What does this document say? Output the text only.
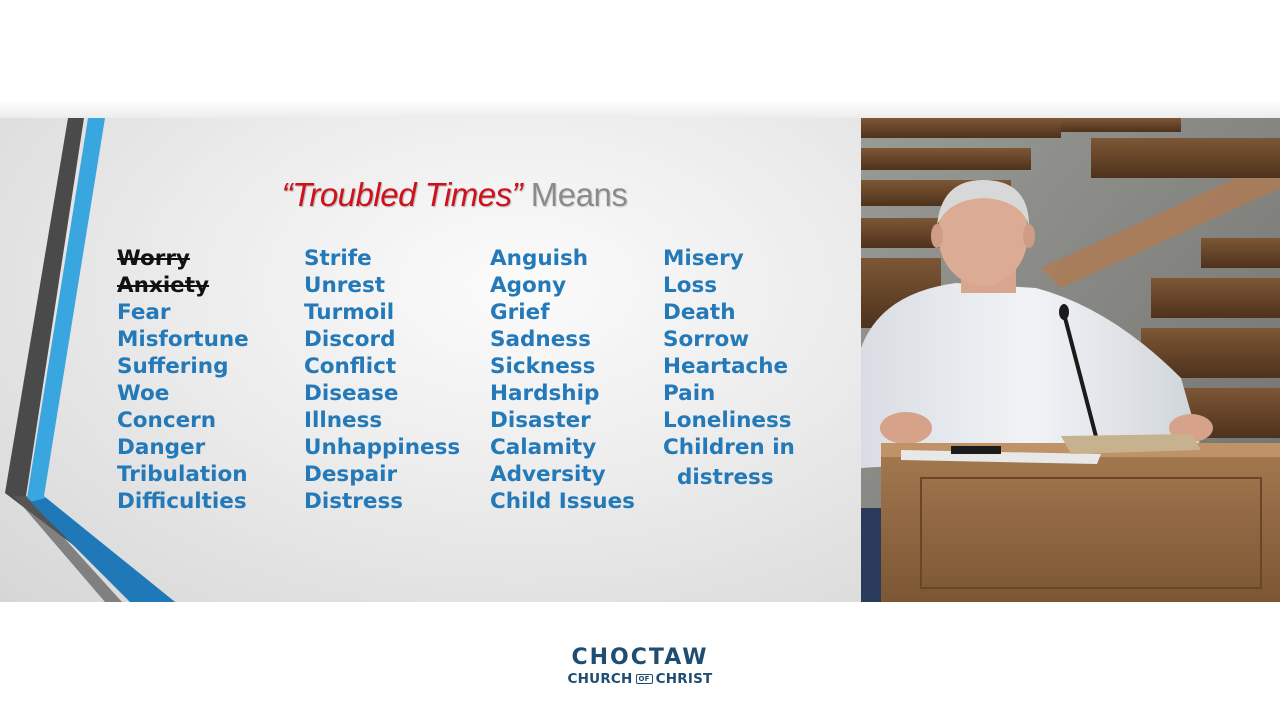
“Troubled Times” Means
Worry
Anxiety
Fear
Misfortune
Suffering
Woe
Concern
Danger
Tribulation
Difficulties
Strife
Unrest
Turmoil
Discord
Conflict
Disease
Illness
Unhappiness
Despair
Distress
Anguish
Agony
Grief
Sadness
Sickness
Hardship
Disaster
Calamity
Adversity
Child Issues
Misery
Loss
Death
Sorrow
Heartache
Pain
Loneliness
Children in
distress
CHOCTAW
CHURCH OF CHRIST
